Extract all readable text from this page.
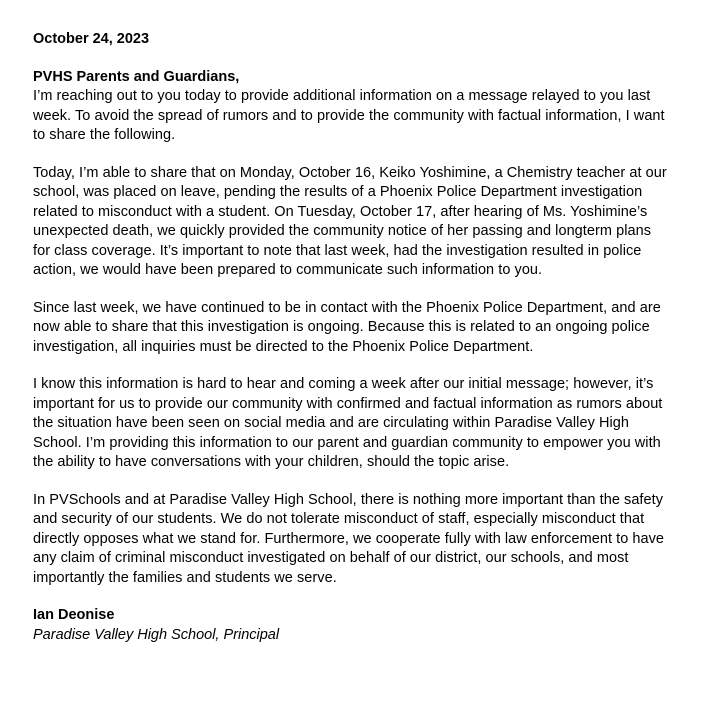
October 24, 2023

PVHS Parents and Guardians,

I’m reaching out to you today to provide additional information on a message relayed to you last week. To avoid the spread of rumors and to provide the community with factual information, I want to share the following.

Today, I’m able to share that on Monday, October 16, Keiko Yoshimine, a Chemistry teacher at our school, was placed on leave, pending the results of a Phoenix Police Department investigation related to misconduct with a student. On Tuesday, October 17, after hearing of Ms. Yoshimine’s unexpected death, we quickly provided the community notice of her passing and longterm plans for class coverage. It’s important to note that last week, had the investigation resulted in police action, we would have been prepared to communicate such information to you.

Since last week, we have continued to be in contact with the Phoenix Police Department, and are now able to share that this investigation is ongoing. Because this is related to an ongoing police investigation, all inquiries must be directed to the Phoenix Police Department.

I know this information is hard to hear and coming a week after our initial message; however, it’s important for us to provide our community with confirmed and factual information as rumors about the situation have been seen on social media and are circulating within Paradise Valley High School. I’m providing this information to our parent and guardian community to empower you with the ability to have conversations with your children, should the topic arise.

In PVSchools and at Paradise Valley High School, there is nothing more important than the safety and security of our students. We do not tolerate misconduct of staff, especially misconduct that directly opposes what we stand for. Furthermore, we cooperate fully with law enforcement to have any claim of criminal misconduct investigated on behalf of our district, our schools, and most importantly the families and students we serve.

Ian Deonise

Paradise Valley High School, Principal
